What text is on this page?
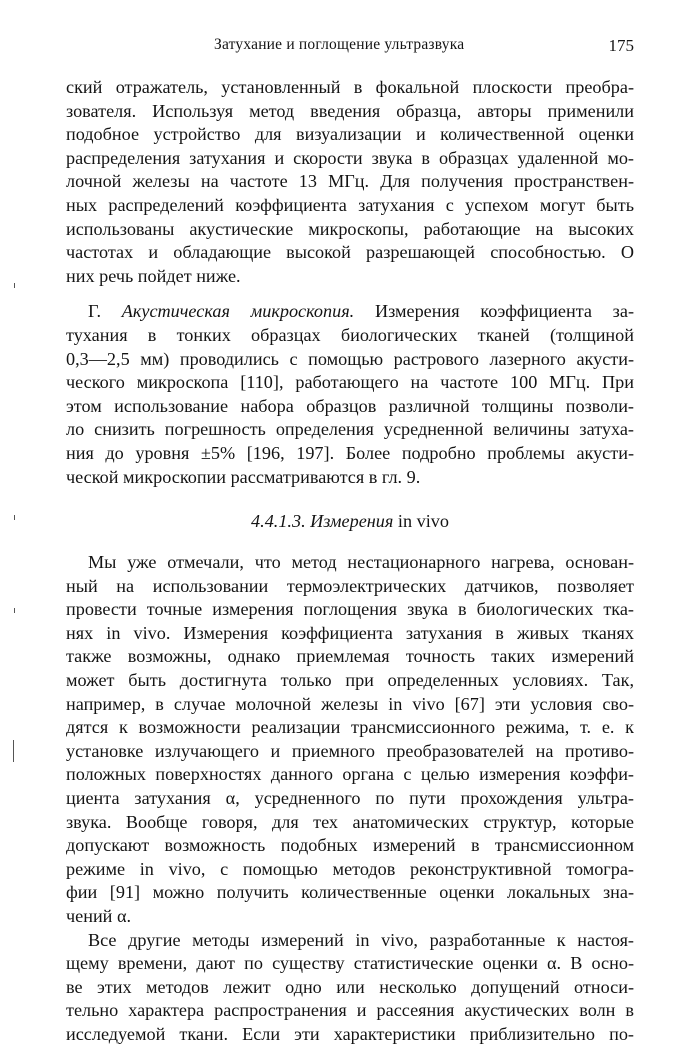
Затухание и поглощение ультразвука	175
ский отражатель, установленный в фокальной плоскости преобра-
зователя. Используя метод введения образца, авторы применили
подобное устройство для визуализации и количественной оценки
распределения затухания и скорости звука в образцах удаленной мо-
лочной железы на частоте 13 МГц. Для получения пространствен-
ных распределений коэффициента затухания с успехом могут быть
использованы акустические микроскопы, работающие на высоких
частотах и обладающие высокой разрешающей способностью. О
них речь пойдет ниже.
Г. Акустическая микроскопия. Измерения коэффициента за-
тухания в тонких образцах биологических тканей (толщиной
0,3—2,5 мм) проводились с помощью растрового лазерного акусти-
ческого микроскопа [110], работающего на частоте 100 МГц. При
этом использование набора образцов различной толщины позволи-
ло снизить погрешность определения усредненной величины затуха-
ния до уровня ±5% [196, 197]. Более подробно проблемы акусти-
ческой микроскопии рассматриваются в гл. 9.
4.4.1.3. Измерения in vivo
Мы уже отмечали, что метод нестационарного нагрева, основан-
ный на использовании термоэлектрических датчиков, позволяет
провести точные измерения поглощения звука в биологических тка-
нях in vivo. Измерения коэффициента затухания в живых тканях
также возможны, однако приемлемая точность таких измерений
может быть достигнута только при определенных условиях. Так,
например, в случае молочной железы in vivo [67] эти условия сво-
дятся к возможности реализации трансмиссионного режима, т. е. к
установке излучающего и приемного преобразователей на противо-
положных поверхностях данного органа с целью измерения коэффи-
циента затухания α, усредненного по пути прохождения ультра-
звука. Вообще говоря, для тех анатомических структур, которые
допускают возможность подобных измерений в трансмиссионном
режиме in vivo, с помощью методов реконструктивной томогра-
фии [91] можно получить количественные оценки локальных зна-
чений α.
Все другие методы измерений in vivo, разработанные к настоя-
щему времени, дают по существу статистические оценки α. В осно-
ве этих методов лежит одно или несколько допущений относи-
тельно характера распространения и рассеяния акустических волн в
исследуемой ткани. Если эти характеристики приблизительно по-
